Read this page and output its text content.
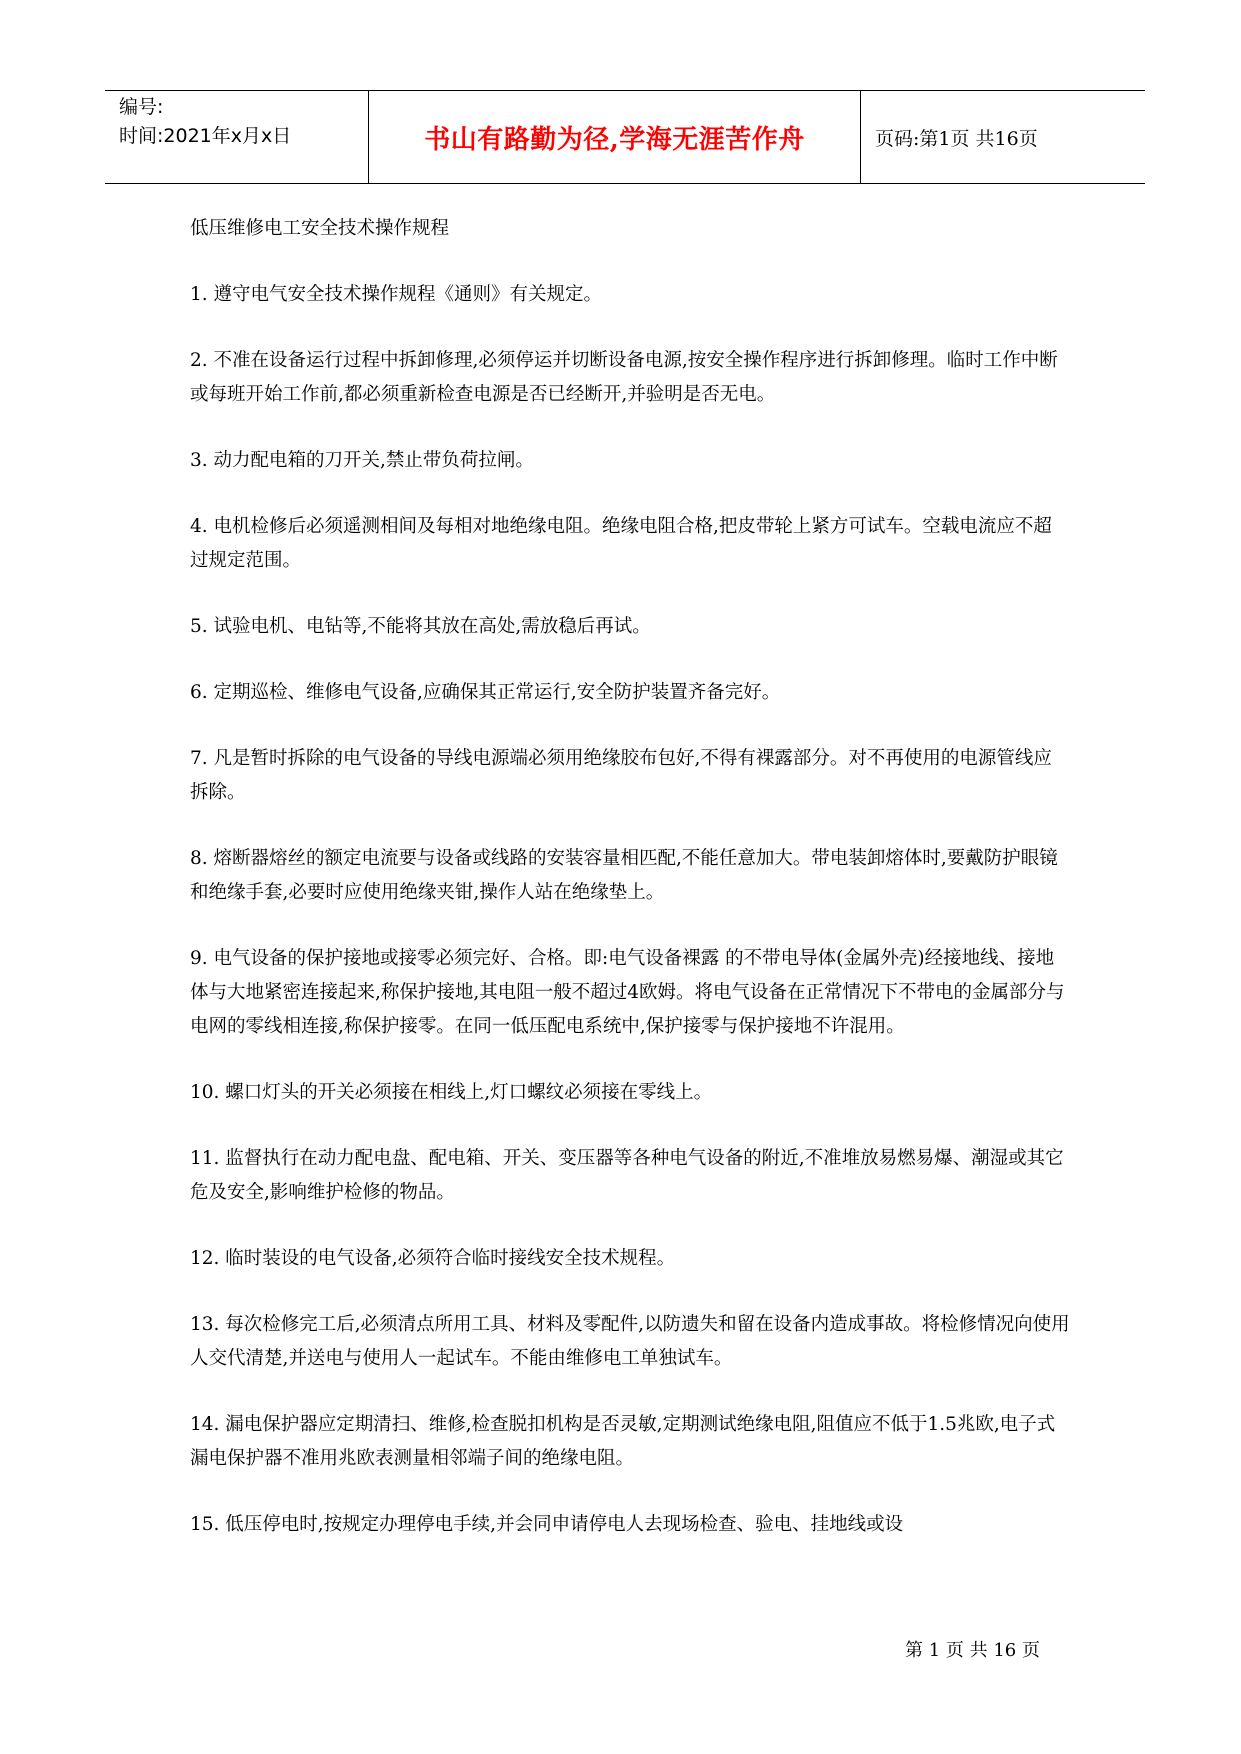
编号:
时间:2021年x月x日	书山有路勤为径,学海无涯苦作舟	页码:第1页 共16页

低压维修电工安全技术操作规程

1. 遵守电气安全技术操作规程《通则》有关规定。

2. 不准在设备运行过程中拆卸修理,必须停运并切断设备电源,按安全操作程序进行拆卸修理。临时工作中断或每班开始工作前,都必须重新检查电源是否已经断开,并验明是否无电。

3. 动力配电箱的刀开关,禁止带负荷拉闸。

4. 电机检修后必须遥测相间及每相对地绝缘电阻。绝缘电阻合格,把皮带轮上紧方可试车。空载电流应不超过规定范围。

5. 试验电机、电钻等,不能将其放在高处,需放稳后再试。

6. 定期巡检、维修电气设备,应确保其正常运行,安全防护装置齐备完好。

7. 凡是暂时拆除的电气设备的导线电源端必须用绝缘胶布包好,不得有裸露部分。对不再使用的电源管线应拆除。

8. 熔断器熔丝的额定电流要与设备或线路的安装容量相匹配,不能任意加大。带电装卸熔体时,要戴防护眼镜和绝缘手套,必要时应使用绝缘夹钳,操作人站在绝缘垫上。

9. 电气设备的保护接地或接零必须完好、合格。即:电气设备裸露 的不带电导体(金属外壳)经接地线、接地体与大地紧密连接起来,称保护接地,其电阻一般不超过4欧姆。将电气设备在正常情况下不带电的金属部分与电网的零线相连接,称保护接零。在同一低压配电系统中,保护接零与保护接地不许混用。

10. 螺口灯头的开关必须接在相线上,灯口螺纹必须接在零线上。

11. 监督执行在动力配电盘、配电箱、开关、变压器等各种电气设备的附近,不准堆放易燃易爆、潮湿或其它危及安全,影响维护检修的物品。

12. 临时装设的电气设备,必须符合临时接线安全技术规程。

13. 每次检修完工后,必须清点所用工具、材料及零配件,以防遗失和留在设备内造成事故。将检修情况向使用人交代清楚,并送电与使用人一起试车。不能由维修电工单独试车。

14. 漏电保护器应定期清扫、维修,检查脱扣机构是否灵敏,定期测试绝缘电阻,阻值应不低于1.5兆欧,电子式漏电保护器不准用兆欧表测量相邻端子间的绝缘电阻。

15. 低压停电时,按规定办理停电手续,并会同申请停电人去现场检查、验电、挂地线或设

第 1 页 共 16 页
